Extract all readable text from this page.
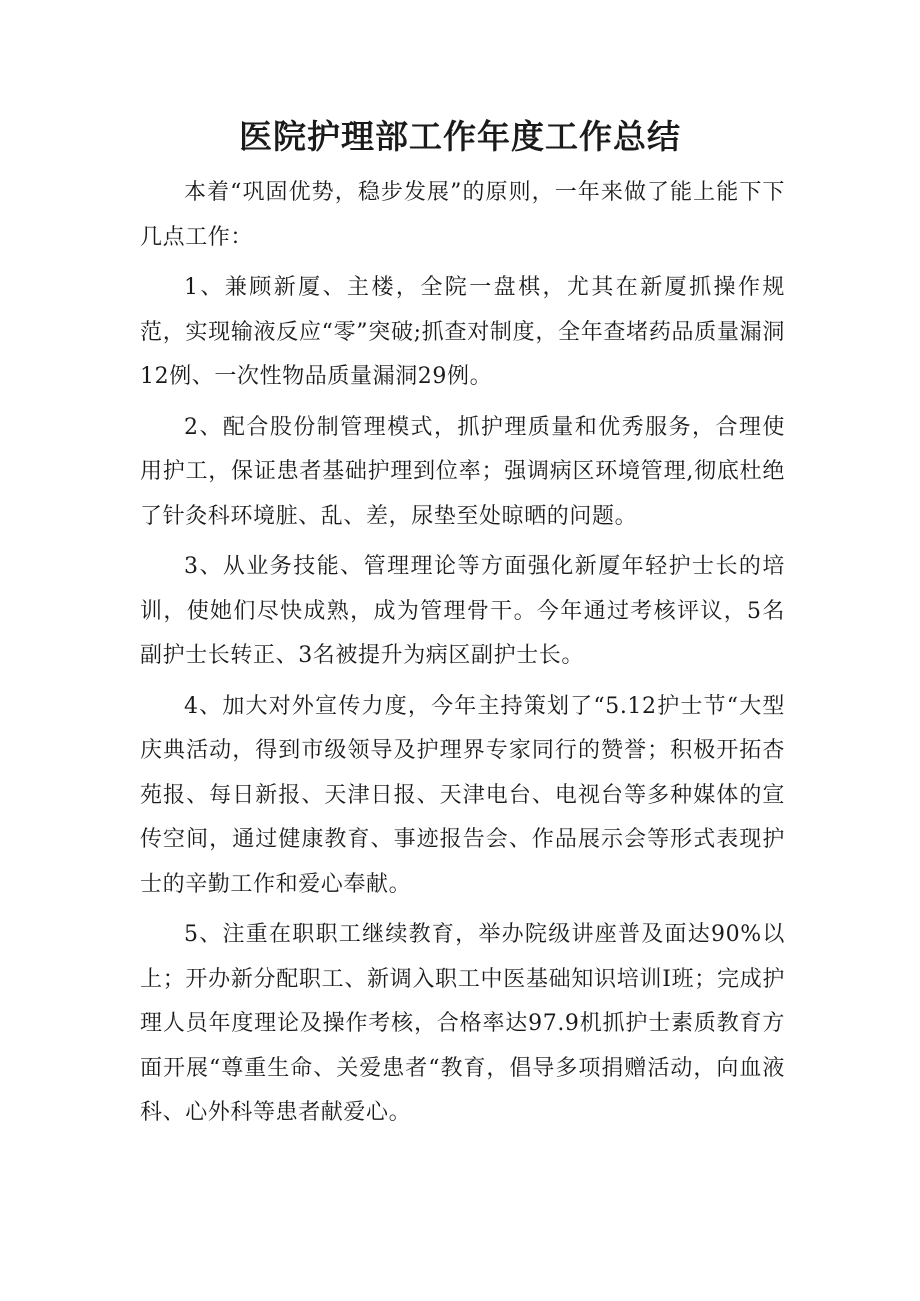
医院护理部工作年度工作总结

本着“巩固优势，稳步发展”的原则，一年来做了能上能下下几点工作：

1、兼顾新厦、主楼，全院一盘棋，尤其在新厦抓操作规范，实现输液反应“零”突破;抓查对制度，全年查堵药品质量漏洞12例、一次性物品质量漏洞29例。

2、配合股份制管理模式，抓护理质量和优秀服务，合理使用护工，保证患者基础护理到位率；强调病区环境管理,彻底杜绝了针灸科环境脏、乱、差，尿垫至处晾晒的问题。

3、从业务技能、管理理论等方面强化新厦年轻护士长的培训，使她们尽快成熟，成为管理骨干。今年通过考核评议，5名副护士长转正、3名被提升为病区副护士长。

4、加大对外宣传力度，今年主持策划了“5.12护士节“大型庆典活动，得到市级领导及护理界专家同行的赞誉；积极开拓杏苑报、每日新报、天津日报、天津电台、电视台等多种媒体的宣传空间，通过健康教育、事迹报告会、作品展示会等形式表现护士的辛勤工作和爱心奉献。

5、注重在职职工继续教育，举办院级讲座普及面达90%以上；开办新分配职工、新调入职工中医基础知识培训I班；完成护理人员年度理论及操作考核，合格率达97.9机抓护士素质教育方面开展“尊重生命、关爱患者“教育，倡导多项捐赠活动，向血液科、心外科等患者献爱心。
